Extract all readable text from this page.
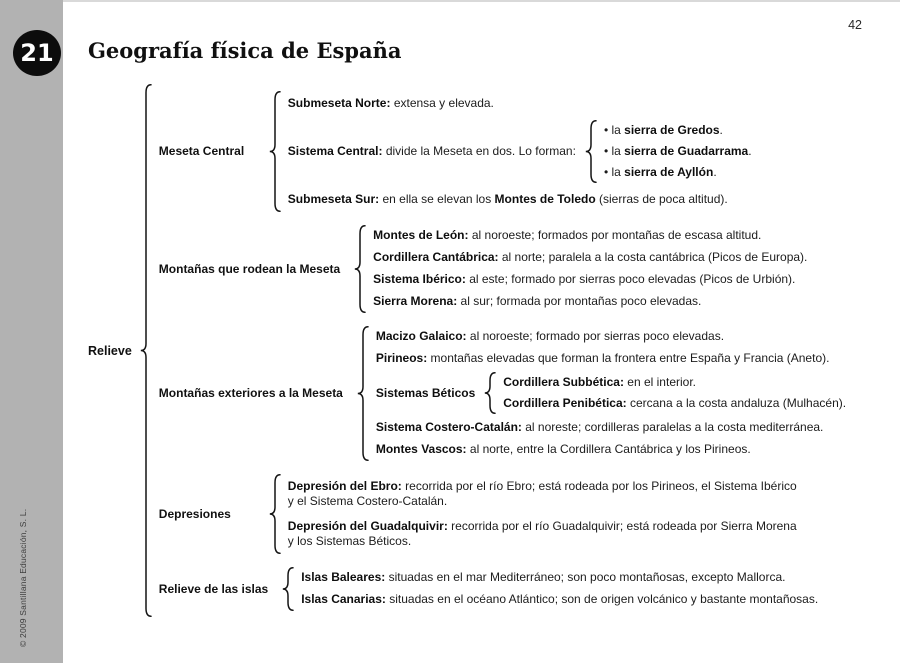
21
© 2009 Santillana Educación, S. L.
42
Geografía física de España
Relieve
Meseta Central
Submeseta Norte: extensa y elevada.
Sistema Central: divide la Meseta en dos. Lo forman:
• la sierra de Gredos.
• la sierra de Guadarrama.
• la sierra de Ayllón.
Submeseta Sur: en ella se elevan los Montes de Toledo (sierras de poca altitud).
Montañas que rodean la Meseta
Montes de León: al noroeste; formados por montañas de escasa altitud.
Cordillera Cantábrica: al norte; paralela a la costa cantábrica (Picos de Europa).
Sistema Ibérico: al este; formado por sierras poco elevadas (Picos de Urbión).
Sierra Morena: al sur; formada por montañas poco elevadas.
Montañas exteriores a la Meseta
Macizo Galaico: al noroeste; formado por sierras poco elevadas.
Pirineos: montañas elevadas que forman la frontera entre España y Francia (Aneto).
Sistemas Béticos
Cordillera Subbética: en el interior.
Cordillera Penibética: cercana a la costa andaluza (Mulhacén).
Sistema Costero-Catalán: al noreste; cordilleras paralelas a la costa mediterránea.
Montes Vascos: al norte, entre la Cordillera Cantábrica y los Pirineos.
Depresiones
Depresión del Ebro: recorrida por el río Ebro; está rodeada por los Pirineos, el Sistema Ibérico
y el Sistema Costero-Catalán.
Depresión del Guadalquivir: recorrida por el río Guadalquivir; está rodeada por Sierra Morena
y los Sistemas Béticos.
Relieve de las islas
Islas Baleares: situadas en el mar Mediterráneo; son poco montañosas, excepto Mallorca.
Islas Canarias: situadas en el océano Atlántico; son de origen volcánico y bastante montañosas.
